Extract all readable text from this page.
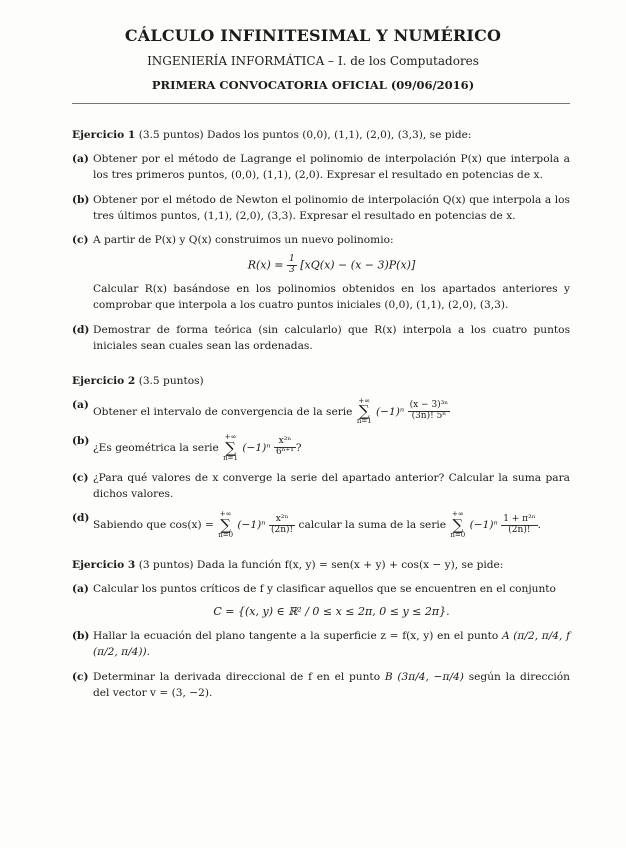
CÁLCULO INFINITESIMAL Y NUMÉRICO
INGENIERÍA INFORMÁTICA – I. de los Computadores
PRIMERA CONVOCATORIA OFICIAL (09/06/2016)
Ejercicio 1 (3.5 puntos) Dados los puntos (0,0), (1,1), (2,0), (3,3), se pide:
(a) Obtener por el método de Lagrange el polinomio de interpolación P(x) que interpola a los tres primeros puntos, (0,0), (1,1), (2,0). Expresar el resultado en potencias de x.
(b) Obtener por el método de Newton el polinomio de interpolación Q(x) que interpola a los tres últimos puntos, (1,1), (2,0), (3,3). Expresar el resultado en potencias de x.
(c) A partir de P(x) y Q(x) construimos un nuevo polinomio:
$R(x) = \frac{1}{3} [xQ(x) - (x - 3)P(x)]$
Calcular R(x) basándose en los polinomios obtenidos en los apartados anteriores y comprobar que interpola a los cuatro puntos iniciales (0,0), (1,1), (2,0), (3,3).
(d) Demostrar de forma teórica (sin calcularlo) que R(x) interpola a los cuatro puntos iniciales sean cuales sean las ordenadas.
Ejercicio 2 (3.5 puntos)
(a)
Obtener el intervalo de convergencia de la serie +∞
∑
n=1 $(-1)^n \frac{\text{(x − 3)³ⁿ}}{\text{(3n)! 5ⁿ}}$
(b)
¿Es geométrica la serie +∞
∑
n=1 $(-1)^n \frac{\text{x²ⁿ}}{\text{6ⁿ⁺¹}}$ ?
(c) ¿Para qué valores de x converge la serie del apartado anterior? Calcular la suma para dichos valores.
(d)
Sabiendo que cos(x) = +∞
∑
n=0 $(-1)^n \frac{\text{x²ⁿ}}{(2n)!}$ calcular la suma de la serie +∞
∑
n=0 $(-1)^n \frac{\text{1 + π²ⁿ}}{(2n)!}$ .
Ejercicio 3 (3 puntos) Dada la función f(x, y) = sen(x + y) + cos(x − y), se pide:
(a) Calcular los puntos críticos de f y clasificar aquellos que se encuentren en el conjunto
C = {(x, y) ∈ ℝ² / 0 ≤ x ≤ 2π, 0 ≤ y ≤ 2π}.
(b) Hallar la ecuación del plano tangente a la superficie z = f(x, y) en el punto A (π/2, π/4, f (π/2, π/4)).
(c) Determinar la derivada direccional de f en el punto B (3π/4, −π/4) según la dirección del vector v = (3, −2).
